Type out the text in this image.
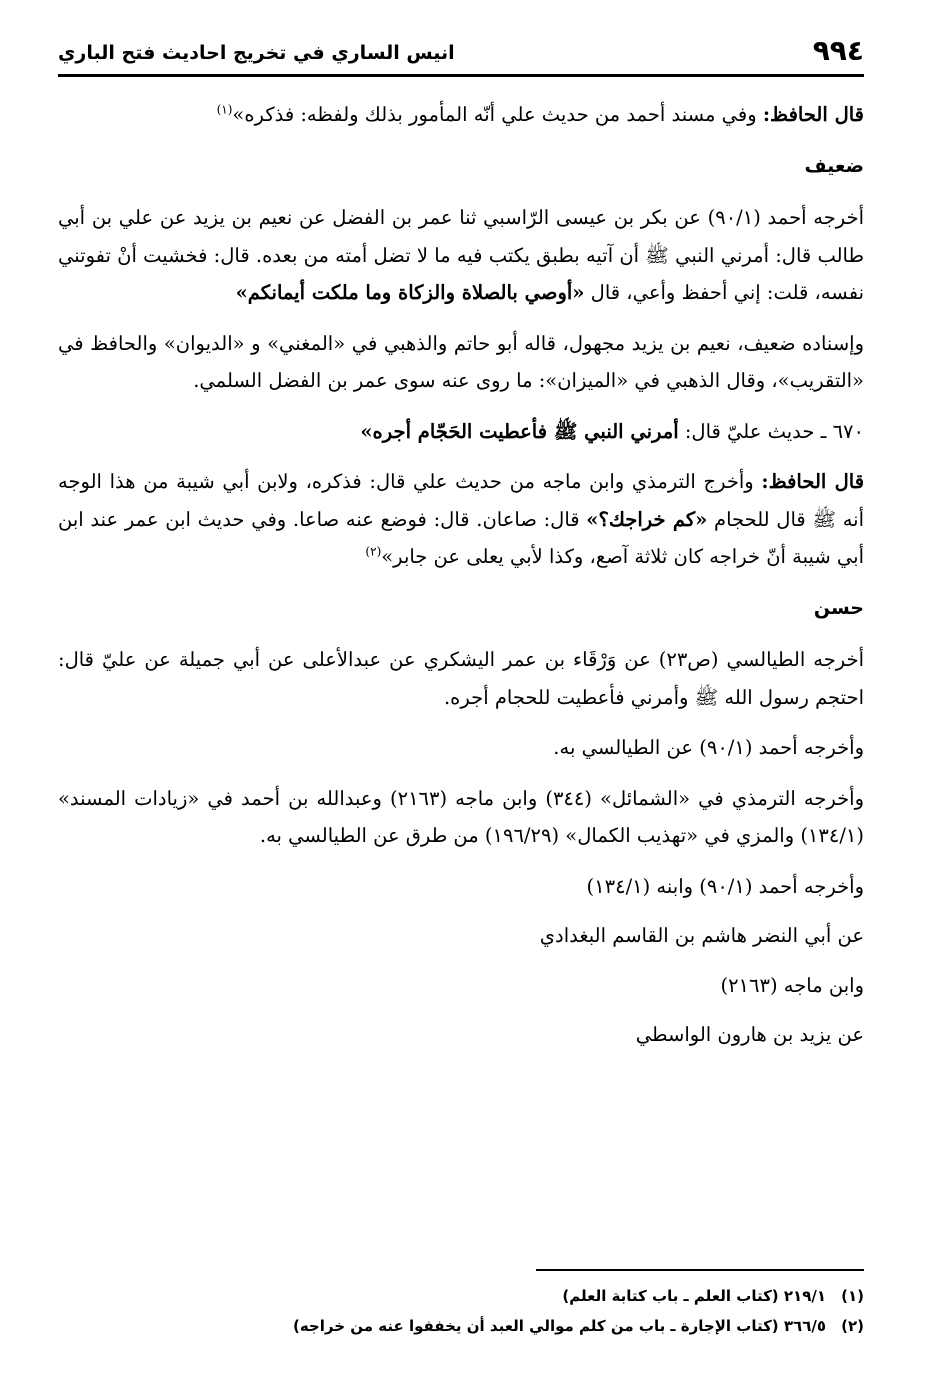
٩٩٤
انيس الساري في تخريج احاديث فتح الباري

قال الحافظ: وفي مسند أحمد من حديث علي أنّه المأمور بذلك ولفظه: فذكره»$^{(١)}$

ضعيف

أخرجه أحمد (٩٠/١) عن بكر بن عيسى الرّاسبي ثنا عمر بن الفضل عن نعيم بن يزيد عن علي بن أبي طالب قال: أمرني النبي ﷺ أن آتيه بطبق يكتب فيه ما لا تضل أمته من بعده. قال: فخشيت أنْ تفوتني نفسه، قلت: إني أحفظ وأعي، قال «أوصي بالصلاة والزكاة وما ملكت أيمانكم»

وإسناده ضعيف، نعيم بن يزيد مجهول، قاله أبو حاتم والذهبي في «المغني» و «الديوان» والحافظ في «التقريب»، وقال الذهبي في «الميزان»: ما روى عنه سوى عمر بن الفضل السلمي.

٦٧٠ ـ حديث عليّ قال: أمرني النبي ﷺ فأعطيت الحَجّام أجره»

قال الحافظ: وأخرج الترمذي وابن ماجه من حديث علي قال: فذكره، ولابن أبي شيبة من هذا الوجه أنه ﷺ قال للحجام «كم خراجك؟» قال: صاعان. قال: فوضع عنه صاعا. وفي حديث ابن عمر عند ابن أبي شيبة أنّ خراجه كان ثلاثة آصع، وكذا لأبي يعلى عن جابر»$^{(٢)}$

حسن

أخرجه الطيالسي (ص٢٣) عن وَرْقَاء بن عمر اليشكري عن عبدالأعلى عن أبي جميلة عن عليّ قال: احتجم رسول الله ﷺ وأمرني فأعطيت للحجام أجره.

وأخرجه أحمد (٩٠/١) عن الطيالسي به.

وأخرجه الترمذي في «الشمائل» (٣٤٤) وابن ماجه (٢١٦٣) وعبدالله بن أحمد في «زيادات المسند» (١٣٤/١) والمزي في «تهذيب الكمال» (١٩٦/٢٩) من طرق عن الطيالسي به.

وأخرجه أحمد (٩٠/١) وابنه (١٣٤/١)

عن أبي النضر هاشم بن القاسم البغدادي

وابن ماجه (٢١٦٣)

عن يزيد بن هارون الواسطي

(١)٢١٩/١ (كتاب العلم ـ باب كتابة العلم)

(٢)٣٦٦/٥ (كتاب الإجارة ـ باب من كلم موالي العبد أن يخففوا عنه من خراجه)
